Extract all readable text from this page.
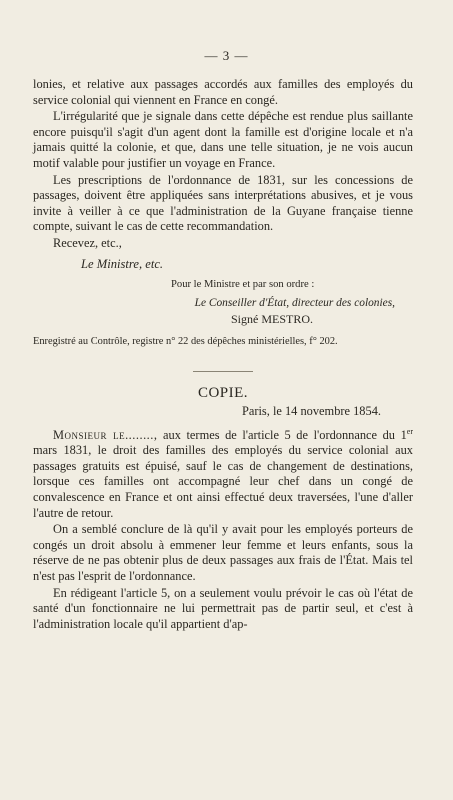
— 3 —

lonies, et relative aux passages accordés aux familles des employés du service colonial qui viennent en France en congé.

L'irrégularité que je signale dans cette dépêche est rendue plus saillante encore puisqu'il s'agit d'un agent dont la famille est d'origine locale et n'a jamais quitté la colonie, et que, dans une telle situation, je ne vois aucun motif valable pour justifier un voyage en France.

Les prescriptions de l'ordonnance de 1831, sur les concessions de passages, doivent être appliquées sans interprétations abusives, et je vous invite à veiller à ce que l'administration de la Guyane française tienne compte, suivant le cas de cette recommandation.

Recevez, etc.,

Le Ministre, etc.
Pour le Ministre et par son ordre :
Le Conseiller d'État, directeur des colonies,
Signé MESTRO.
Enregistré au Contrôle, registre n° 22 des dépêches ministérielles, f° 202.
COPIE.
Paris, le 14 novembre 1854.

Monsieur le........, aux termes de l'article 5 de l'ordonnance du 1er mars 1831, le droit des familles des employés du service colonial aux passages gratuits est épuisé, sauf le cas de changement de destinations, lorsque ces familles ont accompagné leur chef dans un congé de convalescence en France et ont ainsi effectué deux traversées, l'une d'aller l'autre de retour.

On a semblé conclure de là qu'il y avait pour les employés porteurs de congés un droit absolu à emmener leur femme et leurs enfants, sous la réserve de ne pas obtenir plus de deux passages aux frais de l'État. Mais tel n'est pas l'esprit de l'ordonnance.

En rédigeant l'article 5, on a seulement voulu prévoir le cas où l'état de santé d'un fonctionnaire ne lui permettrait pas de partir seul, et c'est à l'administration locale qu'il appartient d'ap-
